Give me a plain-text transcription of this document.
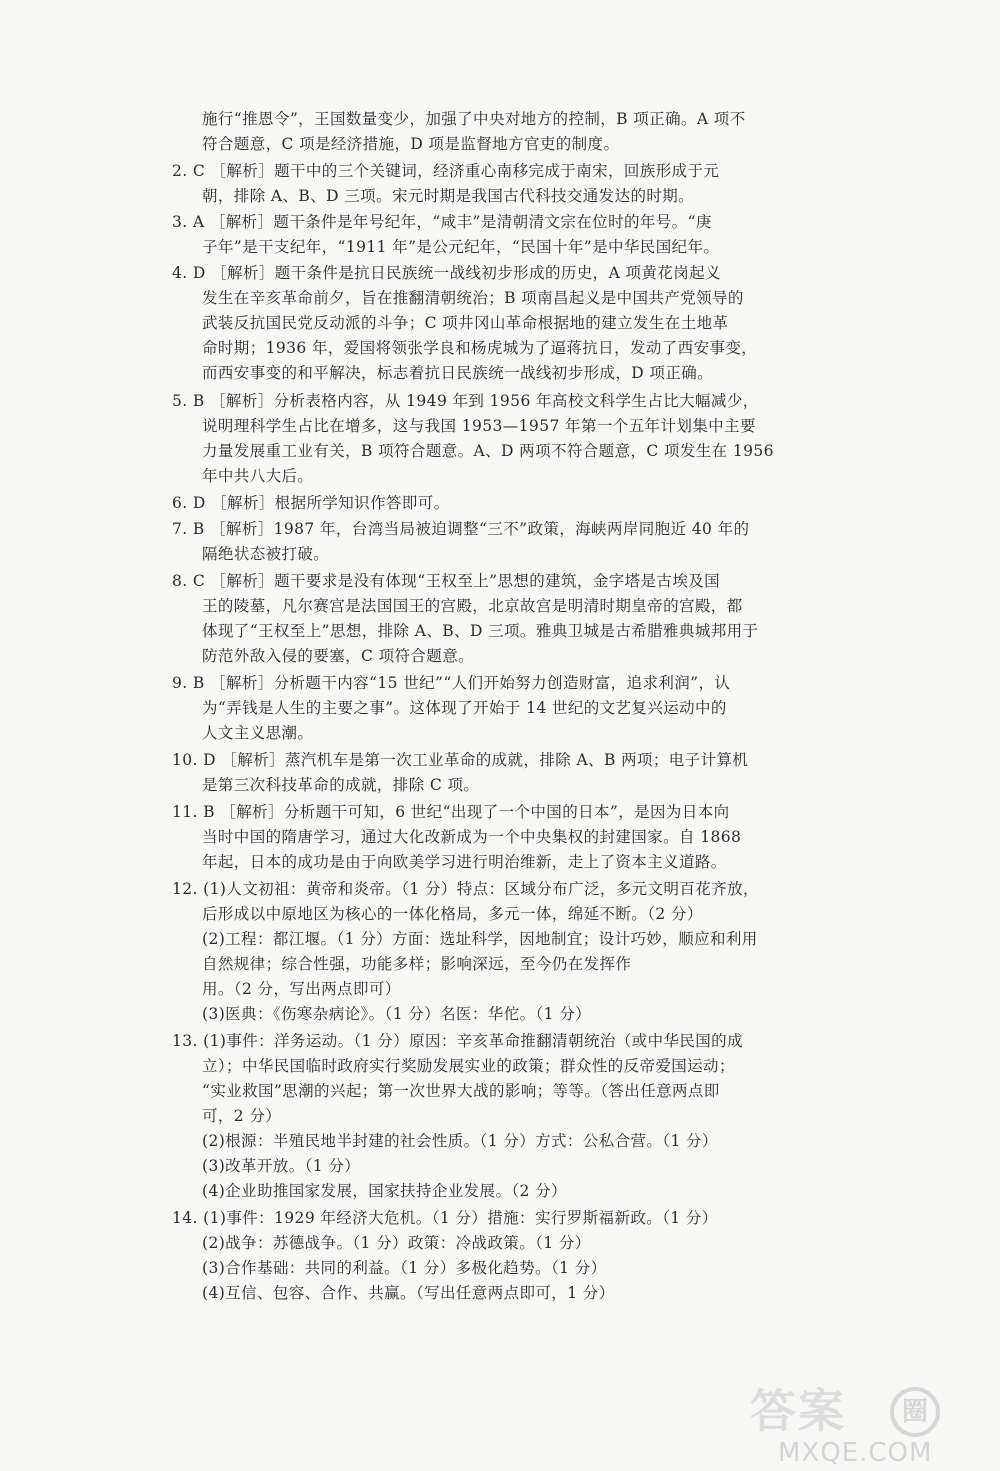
施行“推恩令”，王国数量变少，加强了中央对地方的控制，B 项正确。A 项不
符合题意，C 项是经济措施，D 项是监督地方官吏的制度。
2. C ［解析］题干中的三个关键词，经济重心南移完成于南宋，回族形成于元
朝，排除 A、B、D 三项。宋元时期是我国古代科技交通发达的时期。
3. A ［解析］题干条件是年号纪年，“咸丰”是清朝清文宗在位时的年号。“庚
子年”是干支纪年，“1911 年”是公元纪年，“民国十年”是中华民国纪年。
4. D ［解析］题干条件是抗日民族统一战线初步形成的历史，A 项黄花岗起义
发生在辛亥革命前夕，旨在推翻清朝统治；B 项南昌起义是中国共产党领导的
武装反抗国民党反动派的斗争；C 项井冈山革命根据地的建立发生在土地革
命时期；1936 年，爱国将领张学良和杨虎城为了逼蒋抗日，发动了西安事变，
而西安事变的和平解决，标志着抗日民族统一战线初步形成，D 项正确。
5. B ［解析］分析表格内容，从 1949 年到 1956 年高校文科学生占比大幅减少，
说明理科学生占比在增多，这与我国 1953—1957 年第一个五年计划集中主要
力量发展重工业有关，B 项符合题意。A、D 两项不符合题意，C 项发生在 1956
年中共八大后。
6. D ［解析］根据所学知识作答即可。
7. B ［解析］1987 年，台湾当局被迫调整“三不”政策，海峡两岸同胞近 40 年的
隔绝状态被打破。
8. C ［解析］题干要求是没有体现“王权至上”思想的建筑，金字塔是古埃及国
王的陵墓，凡尔赛宫是法国国王的宫殿，北京故宫是明清时期皇帝的宫殿，都
体现了“王权至上”思想，排除 A、B、D 三项。雅典卫城是古希腊雅典城邦用于
防范外敌入侵的要塞，C 项符合题意。
9. B ［解析］分析题干内容“15 世纪”“人们开始努力创造财富，追求利润”，认
为“弄钱是人生的主要之事”。这体现了开始于 14 世纪的文艺复兴运动中的
人文主义思潮。
10. D ［解析］蒸汽机车是第一次工业革命的成就，排除 A、B 两项；电子计算机
是第三次科技革命的成就，排除 C 项。
11. B ［解析］分析题干可知，6 世纪“出现了一个中国的日本”，是因为日本向
当时中国的隋唐学习，通过大化改新成为一个中央集权的封建国家。自 1868
年起，日本的成功是由于向欧美学习进行明治维新，走上了资本主义道路。
12. (1)人文初祖：黄帝和炎帝。（1 分）特点：区域分布广泛，多元文明百花齐放，
后形成以中原地区为核心的一体化格局，多元一体，绵延不断。（2 分）
(2)工程：都江堰。（1 分）方面：选址科学，因地制宜；设计巧妙，顺应和利用
自然规律；综合性强，功能多样；影响深远，至今仍在发挥作
用。（2 分，写出两点即可）
(3)医典：《伤寒杂病论》。（1 分）名医：华佗。（1 分）
13. (1)事件：洋务运动。（1 分）原因：辛亥革命推翻清朝统治（或中华民国的成
立）；中华民国临时政府实行奖励发展实业的政策；群众性的反帝爱国运动；
“实业救国”思潮的兴起；第一次世界大战的影响；等等。（答出任意两点即
可，2 分）
(2)根源：半殖民地半封建的社会性质。（1 分）方式：公私合营。（1 分）
(3)改革开放。（1 分）
(4)企业助推国家发展，国家扶持企业发展。（2 分）
14. (1)事件：1929 年经济大危机。（1 分）措施：实行罗斯福新政。（1 分）
(2)战争：苏德战争。（1 分）政策：冷战政策。（1 分）
(3)合作基础：共同的利益。（1 分）多极化趋势。（1 分）
(4)互信、包容、合作、共赢。（写出任意两点即可，1 分）
答案	圈
MXQE.COM
